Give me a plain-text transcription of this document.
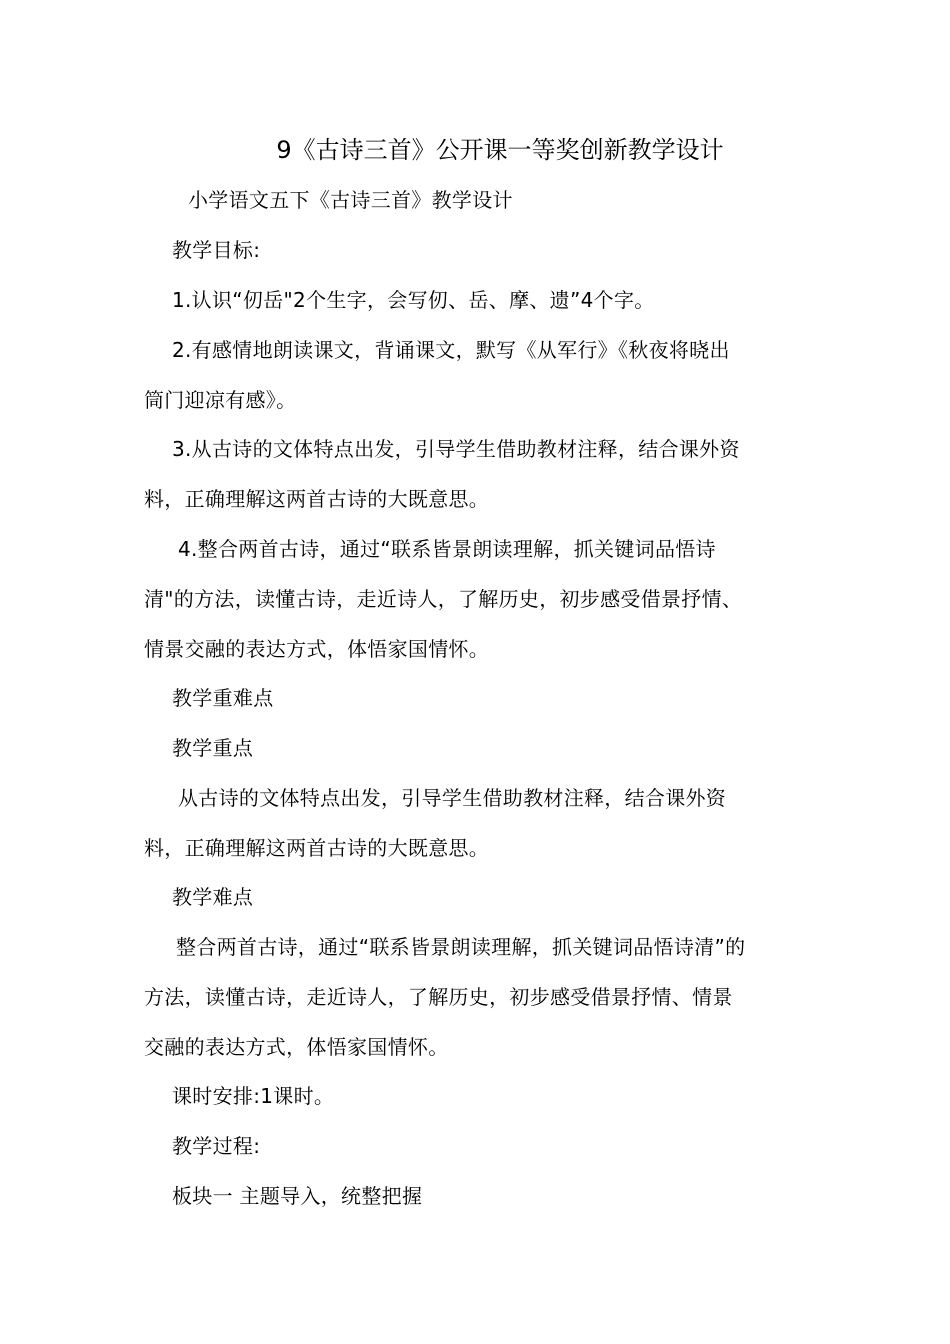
9《古诗三首》公开课一等奖创新教学设计
小学语文五下《古诗三首》教学设计
教学目标:
1.认识“仞岳"2个生字，会写仞、岳、摩、遗”4个字。
2.有感情地朗读课文，背诵课文，默写《从军行》《秋夜将晓出
筒门迎凉有感》。
3.从古诗的文体特点出发，引导学生借助教材注释，结合课外资
料，正确理解这两首古诗的大既意思。
4.整合两首古诗，通过“联系皆景朗读理解，抓关键词品悟诗
清"的方法，读懂古诗，走近诗人，了解历史，初步感受借景抒情、
情景交融的表达方式，体悟家国情怀。
教学重难点
教学重点
从古诗的文体特点出发，引导学生借助教材注释，结合课外资
料，正确理解这两首古诗的大既意思。
教学难点
整合两首古诗，通过“联系皆景朗读理解，抓关键词品悟诗清”的
方法，读懂古诗，走近诗人，了解历史，初步感受借景抒情、情景
交融的表达方式，体悟家国情怀。
课时安排:1课时。
教学过程:
板块一 主题导入，统整把握
